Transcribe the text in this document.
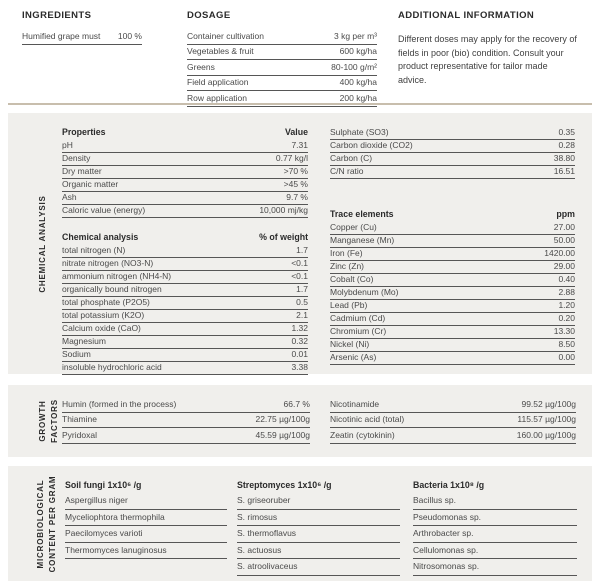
INGREDIENTS
Humified grape must 100 %
DOSAGE
Container cultivation	3 kg per m³
Vegetables & fruit	600 kg/ha
Greens	80-100 g/m²
Field application	400 kg/ha
Row application	200 kg/ha
ADDITIONAL INFORMATION

Different doses may apply for the recovery of fields in poor (bio) condition. Consult your product representative for tailor made advice.

CHEMICAL ANALYSIS
Properties	Value
pH	7.31
Density	0.77 kg/l
Dry matter	>70 %
Organic matter	>45 %
Ash	9.7 %
Caloric value (energy)	10,000 mj/kg
Chemical analysis	% of weight
total nitrogen (N)	1.7
nitrate nitrogen (NO3-N)	<0.1
ammonium nitrogen (NH4-N)	<0.1
organically bound nitrogen	1.7
total phosphate (P2O5)	0.5
total potassium (K2O)	2.1
Calcium oxide (CaO)	1.32
Magnesium	0.32
Sodium	0.01
insoluble hydrochloric acid	3.38
Sulphate (SO3)	0.35
Carbon dioxide (CO2)	0.28
Carbon (C)	38.80
C/N ratio	16.51
Trace elements	ppm
Copper (Cu)	27.00
Manganese (Mn)	50.00
Iron (Fe)	1420.00
Zinc (Zn)	29.00
Cobalt (Co)	0.40
Molybdenum (Mo)	2.88
Lead (Pb)	1.20
Cadmium (Cd)	0.20
Chromium (Cr)	13.30
Nickel (Ni)	8.50
Arsenic (As)	0.00
GROWTH FACTORS Humin (formed in the process)	66.7 %
Thiamine	22.75 µg/100g
Pyridoxal	45.59 µg/100g
Nicotinamide	99.52 µg/100g
Nicotinic acid (total)	115.57 µg/100g
Zeatin (cytokinin)	160.00 µg/100g
MICROBIOLOGICAL CONTENT PER GRAM Soil fungi 1x10⁶ /g
Aspergillus niger
Myceliophtora thermophila
Paecilomyces varioti
Thermomyces lanuginosus
Streptomyces 1x10⁶ /g
S. griseoruber
S. rimosus
S. thermoflavus
S. actuosus
S. atroolivaceus
Bacteria 1x10⁸ /g
Bacillus sp.
Pseudomonas sp.
Arthrobacter sp.
Cellulomonas sp.
Nitrosomonas sp.
